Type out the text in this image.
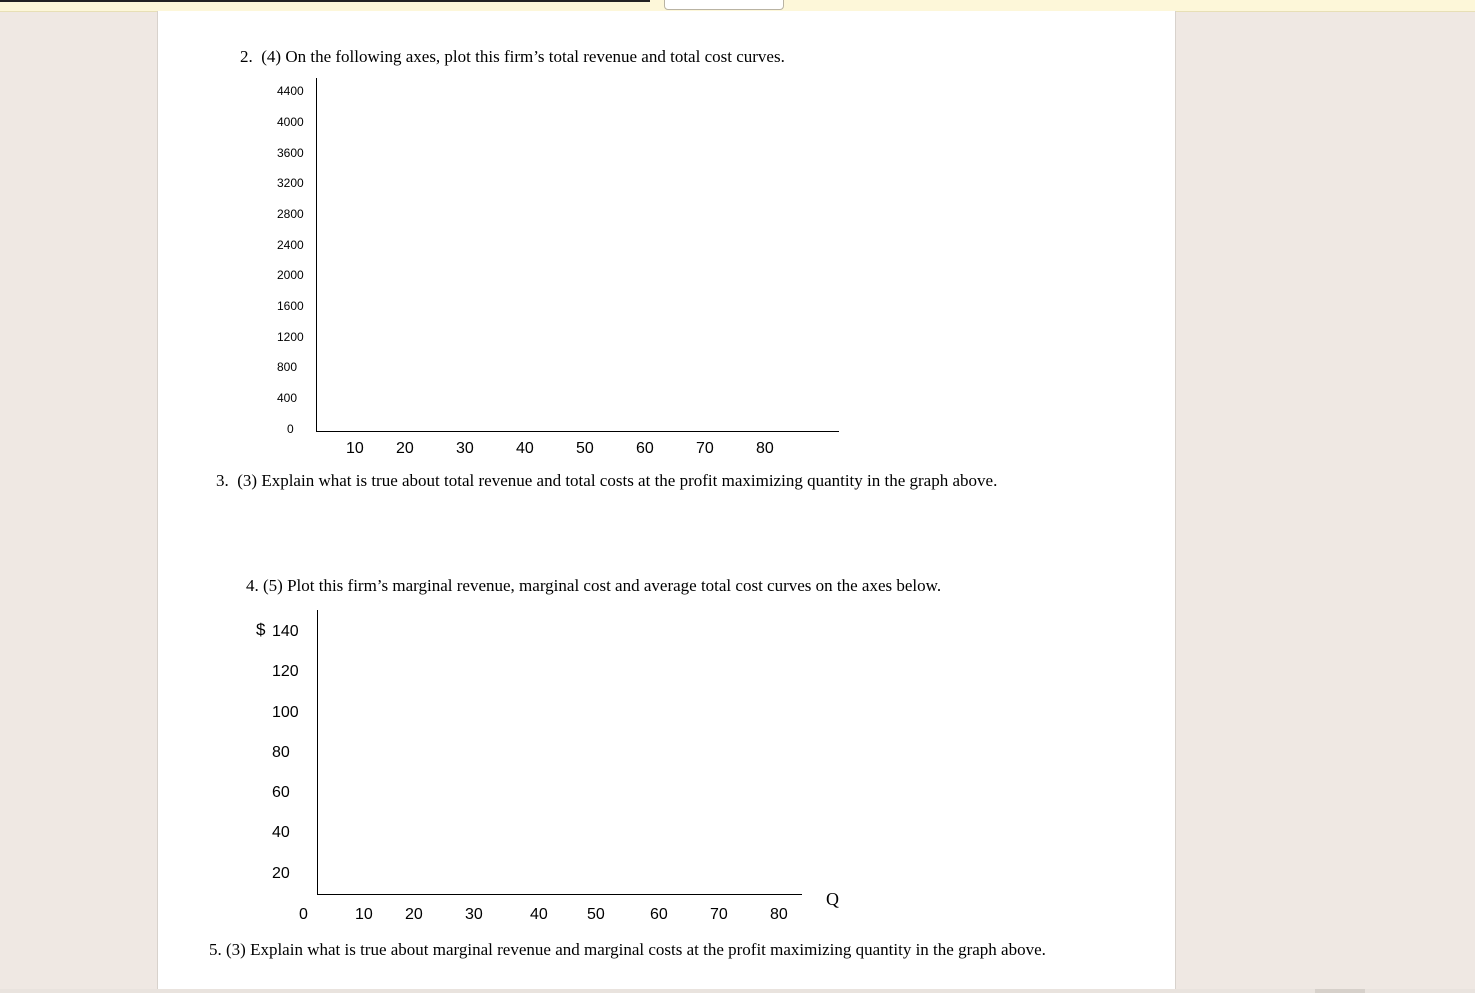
2.  (4) On the following axes, plot this firm’s total revenue and total cost curves.
4400
4000
3600
3200
2800
2400
2000
1600
1200
800
400
0
10 20	30	40	50	60	70	80
3.  (3) Explain what is true about total revenue and total costs at the profit maximizing quantity in the graph above.
4. (5) Plot this firm’s marginal revenue, marginal cost and average total cost curves on the axes below.
$ 140
120
100
80
60
40
20
Q
0	10 20	30	40 50	60	70	80
5. (3) Explain what is true about marginal revenue and marginal costs at the profit maximizing quantity in the graph above.
